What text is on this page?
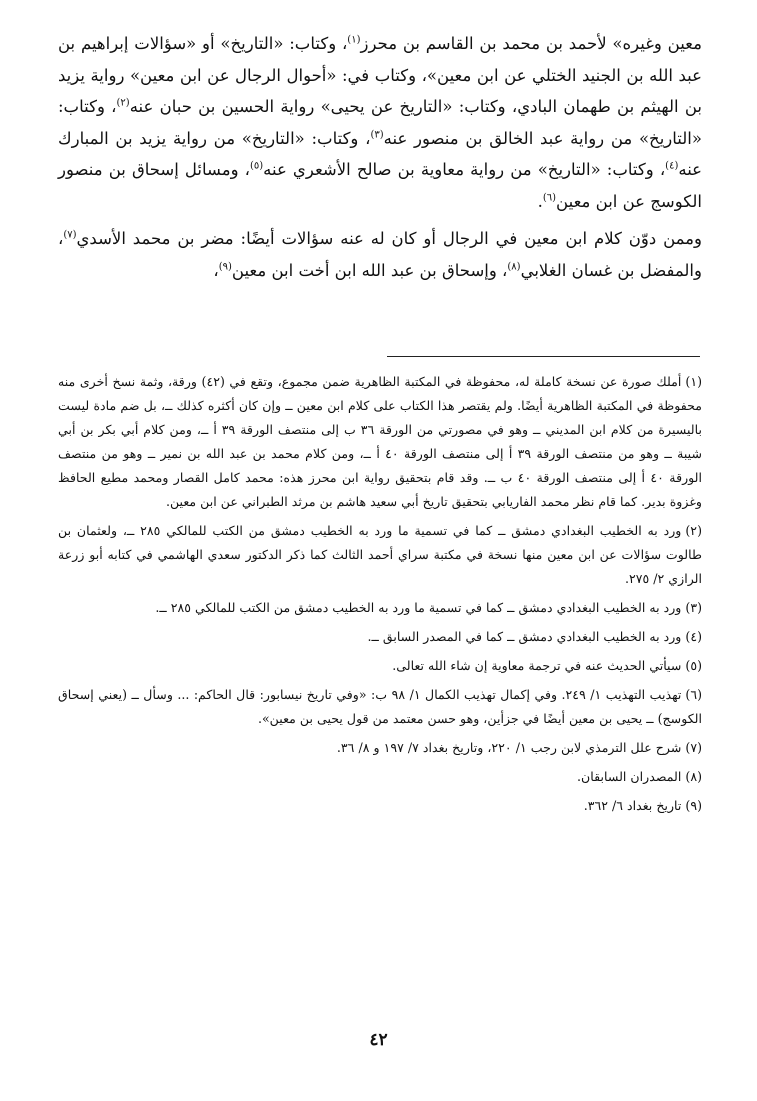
معين وغيره» لأحمد بن محمد بن القاسم بن محرز$^{(١)}$، وكتاب: «التاريخ» أو «سؤالات إبراهيم بن عبد الله بن الجنيد الختلي عن ابن معين»، وكتاب في: «أحوال الرجال عن ابن معين» رواية يزيد بن الهيثم بن طهمان البادي، وكتاب: «التاريخ عن يحيى» رواية الحسين بن حبان عنه$^{(٢)}$، وكتاب: «التاريخ» من رواية عبد الخالق بن منصور عنه$^{(٣)}$، وكتاب: «التاريخ» من رواية يزيد بن المبارك عنه$^{(٤)}$، وكتاب: «التاريخ» من رواية معاوية بن صالح الأشعري عنه$^{(٥)}$، ومسائل إسحاق بن منصور الكوسج عن ابن معين$^{(٦)}$.

وممن دوّن كلام ابن معين في الرجال أو كان له عنه سؤالات أيضًا: مضر بن محمد الأسدي$^{(٧)}$، والمفضل بن غسان الغلابي$^{(٨)}$، وإسحاق بن عبد الله ابن أخت ابن معين$^{(٩)}$،

(١)أملك صورة عن نسخة كاملة له، محفوظة في المكتبة الظاهرية ضمن مجموع، وتقع في (٤٢) ورقة، وثمة نسخ أخرى منه محفوظة في المكتبة الظاهرية أيضًا. ولم يقتصر هذا الكتاب على كلام ابن معين ــ وإن كان أكثره كذلك ــ، بل ضم مادة ليست باليسيرة من كلام ابن المديني ــ وهو في مصورتي من الورقة ٣٦ ب إلى منتصف الورقة ٣٩ أ ــ، ومن كلام أبي بكر بن أبي شيبة ــ وهو من منتصف الورقة ٣٩ أ إلى منتصف الورقة ٤٠ أ ــ، ومن كلام محمد بن عبد الله بن نمير ــ وهو من منتصف الورقة ٤٠ أ إلى منتصف الورقة ٤٠ ب ــ. وقد قام بتحقيق رواية ابن محرز هذه: محمد كامل القصار ومحمد مطيع الحافظ وغزوة بدير. كما قام نظر محمد الفاريابي بتحقيق تاريخ أبي سعيد هاشم بن مرثد الطبراني عن ابن معين.

(٢)ورد به الخطيب البغدادي دمشق ــ كما في تسمية ما ورد به الخطيب دمشق من الكتب للمالكي ٢٨٥ ــ، ولعثمان بن طالوت سؤالات عن ابن معين منها نسخة في مكتبة سراي أحمد الثالث كما ذكر الدكتور سعدي الهاشمي في كتابه أبو زرعة الرازي ٢/ ٢٧٥.

(٣)ورد به الخطيب البغدادي دمشق ــ كما في تسمية ما ورد به الخطيب دمشق من الكتب للمالكي ٢٨٥ ــ.

(٤)ورد به الخطيب البغدادي دمشق ــ كما في المصدر السابق ــ.

(٥)سيأتي الحديث عنه في ترجمة معاوية إن شاء الله تعالى.

(٦)تهذيب التهذيب ١/ ٢٤٩. وفي إكمال تهذيب الكمال ١/ ٩٨ ب: «وفي تاريخ نيسابور: قال الحاكم: ... وسأل ــ (يعني إسحاق الكوسج) ــ يحيى بن معين أيضًا في جزأين، وهو حسن معتمد من قول يحيى بن معين».

(٧)شرح علل الترمذي لابن رجب ١/ ٢٢٠، وتاريخ بغداد ٧/ ١٩٧ و ٨/ ٣٦.

(٨)المصدران السابقان.

(٩)تاريخ بغداد ٦/ ٣٦٢.

٤٢
